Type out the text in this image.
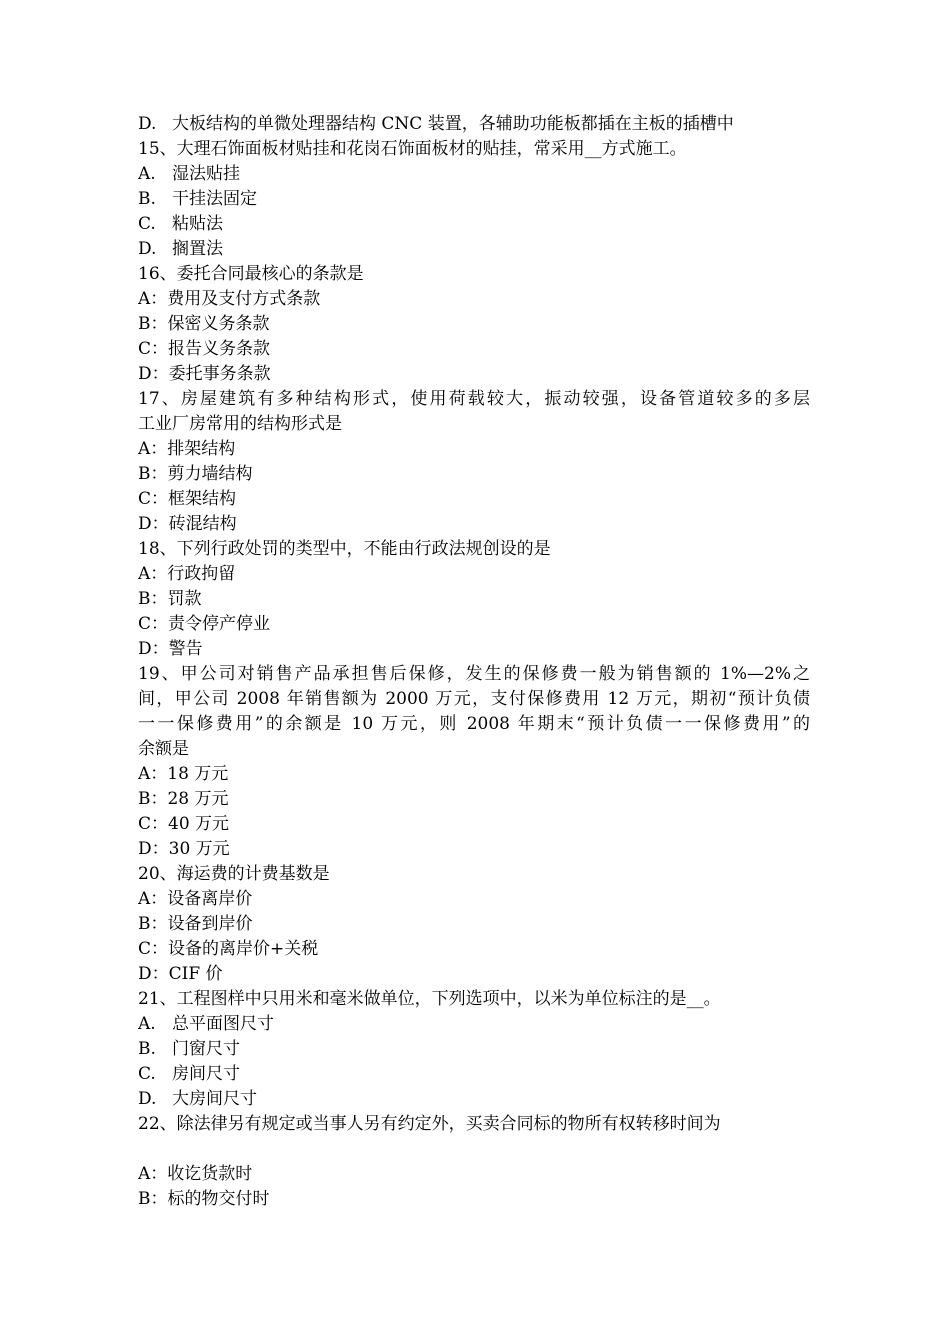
D. 大板结构的单微处理器结构 CNC 装置，各辅助功能板都插在主板的插槽中
15、大理石饰面板材贴挂和花岗石饰面板材的贴挂，常采用__方式施工。
A. 湿法贴挂
B. 干挂法固定
C. 粘贴法
D. 搁置法
16、委托合同最核心的条款是
A：费用及支付方式条款
B：保密义务条款
C：报告义务条款
D：委托事务条款
17、房屋建筑有多种结构形式，使用荷载较大，振动较强，设备管道较多的多层
工业厂房常用的结构形式是
A：排架结构
B：剪力墙结构
C：框架结构
D：砖混结构
18、下列行政处罚的类型中，不能由行政法规创设的是
A：行政拘留
B：罚款
C：责令停产停业
D：警告
19、甲公司对销售产品承担售后保修，发生的保修费一般为销售额的 1%—2%之
间，甲公司 2008 年销售额为 2000 万元，支付保修费用 12 万元，期初“预计负债
一一保修费用”的余额是 10 万元，则 2008 年期末“预计负债一一保修费用”的
余额是
A：18 万元
B：28 万元
C：40 万元
D：30 万元
20、海运费的计费基数是
A：设备离岸价
B：设备到岸价
C：设备的离岸价+关税
D：CIF 价
21、工程图样中只用米和毫米做单位，下列选项中，以米为单位标注的是__。
A. 总平面图尺寸
B. 门窗尺寸
C. 房间尺寸
D. 大房间尺寸
22、除法律另有规定或当事人另有约定外，买卖合同标的物所有权转移时间为
A：收讫货款时
B：标的物交付时
